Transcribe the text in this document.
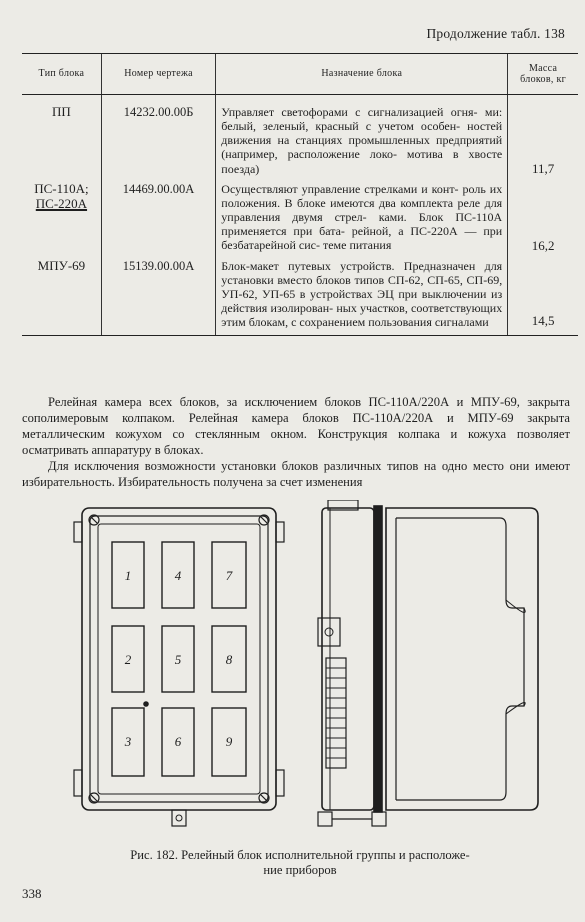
Продолжение табл. 138
Тип блока	Номер чертежа	Назначение блока	Масса
блоков, кг
ПП	14232.00.00Б	Управляет светофорами с сигнализацией огня- ми: белый, зеленый, красный с учетом особен- ностей движения на станциях промышленных предприятий (например, расположение локо- мотива в хвосте поезда)	11,7
ПС-110А;
ПС-220А	14469.00.00А	Осуществляют управление стрелками и конт- роль их положения. В блоке имеются два комплекта реле для управления двумя стрел- ками. Блок ПС-110А применяется при бата- рейной, а ПС-220А — при безбатарейной сис- теме питания	16,2
МПУ-69	15139.00.00А	Блок-макет путевых устройств. Предназначен для установки вместо блоков типов СП-62, СП-65, СП-69, УП-62, УП-65 в устройствах ЭЦ при выключении из действия изолирован- ных участков, соответствующих этим блокам, с сохранением пользования сигналами	14,5

Релейная камера всех блоков, за исключением блоков ПС-110А/220А и МПУ-69, закрыта сополимеровым колпаком. Релейная камера блоков ПС-110А/220А и МПУ-69 закрыта металлическим кожухом со стеклянным окном. Конструкция колпака и кожуха позволяет осматривать аппаратуру в блоках.

Для исключения возможности установки блоков различных типов на одно место они имеют избирательность. Избирательность получена за счет изменения

1	4	7
2	5	8
3	6	9
Рис. 182. Релейный блок исполнительной группы и расположе-
ние приборов
338
